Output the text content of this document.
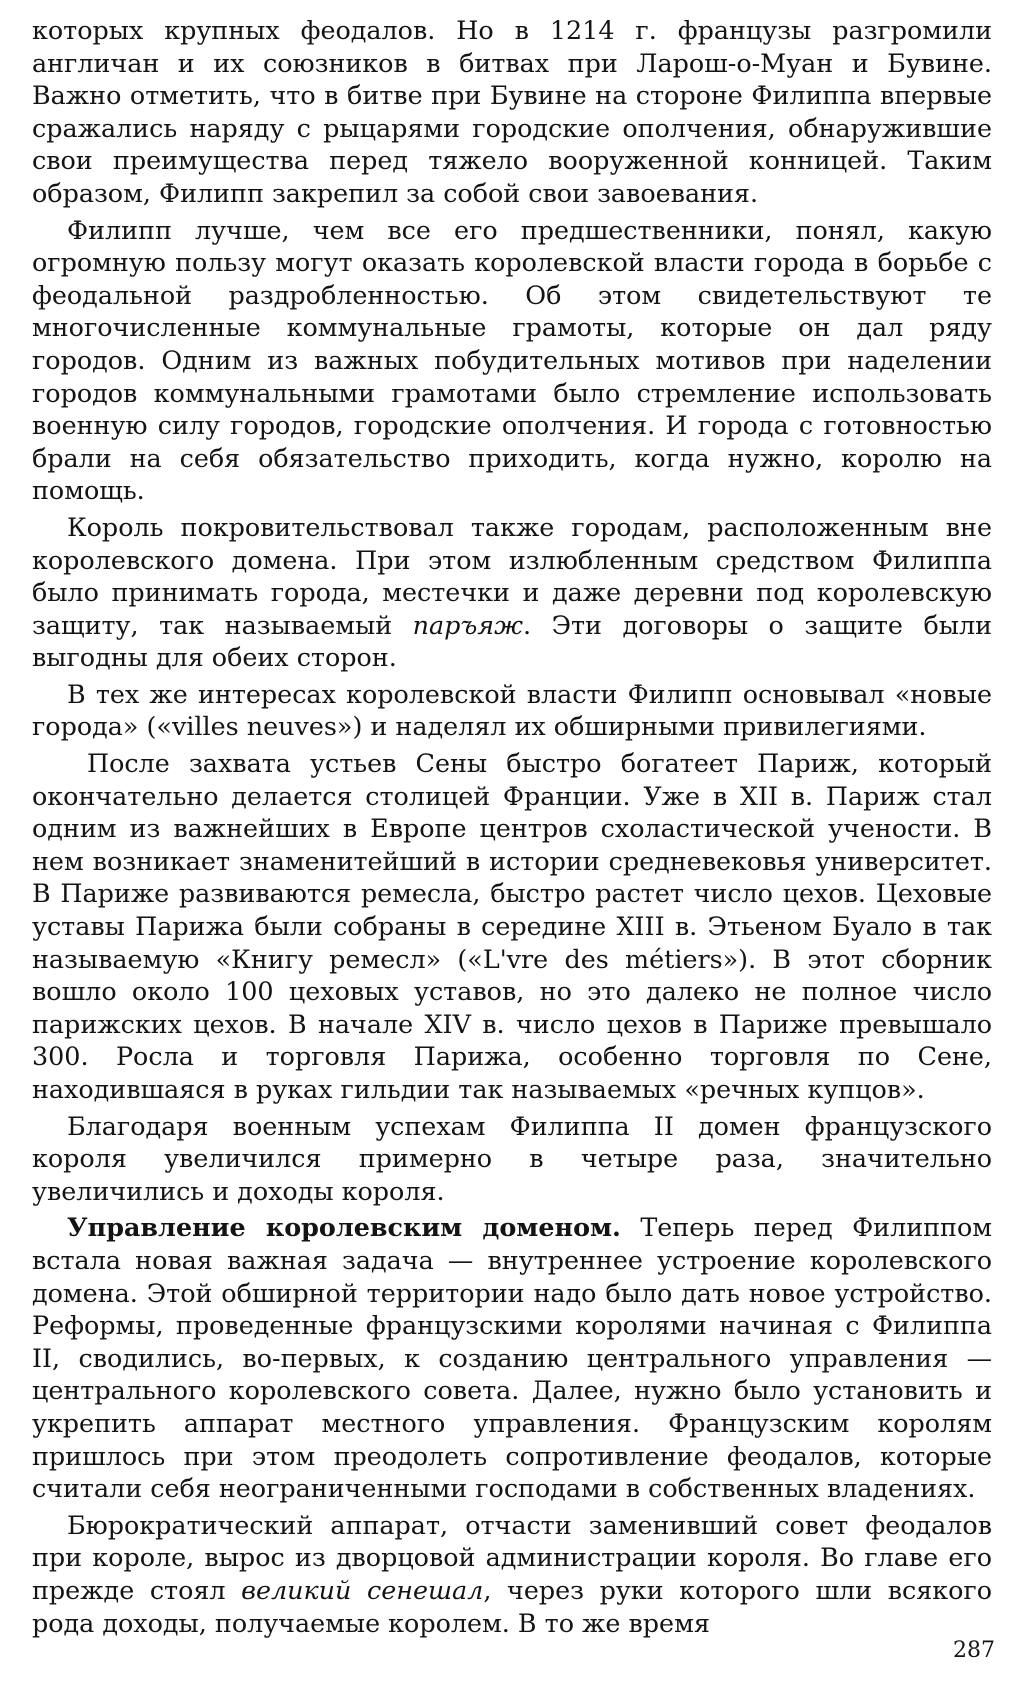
которых крупных феодалов. Но в 1214 г. французы разгромили англичан и их союзников в битвах при Ларош-о-Муан и Бувине. Важно отметить, что в битве при Бувине на стороне Филиппа впервые сражались наряду с рыцарями городские ополчения, обнаружившие свои преимущества перед тяжело вооруженной конницей. Таким образом, Филипп закрепил за собой свои завоевания.

Филипп лучше, чем все его предшественники, понял, какую огромную пользу могут оказать королевской власти города в борьбе с феодальной раздробленностью. Об этом свидетельствуют те многочисленные коммунальные грамоты, которые он дал ряду городов. Одним из важных побудительных мотивов при наделении городов коммунальными грамотами было стремление использовать военную силу городов, городские ополчения. И города с готовностью брали на себя обязательство приходить, когда нужно, королю на помощь.

Король покровительствовал также городам, расположенным вне королевского домена. При этом излюбленным средством Филиппа было принимать города, местечки и даже деревни под королевскую защиту, так называемый паръяж. Эти договоры о защите были выгодны для обеих сторон.

В тех же интересах королевской власти Филипп основывал «новые города» («villes neuves») и наделял их обширными привилегиями.

После захвата устьев Сены быстро богатеет Париж, который окончательно делается столицей Франции. Уже в XII в. Париж стал одним из важнейших в Европе центров схоластической учености. В нем возникает знаменитейший в истории средневековья университет. В Париже развиваются ремесла, быстро растет число цехов. Цеховые уставы Парижа были собраны в середине XIII в. Этьеном Буало в так называемую «Книгу ремесл» («L'vre des métiers»). В этот сборник вошло около 100 цеховых уставов, но это далеко не полное число парижских цехов. В начале XIV в. число цехов в Париже превышало 300. Росла и торговля Парижа, особенно торговля по Сене, находившаяся в руках гильдии так называемых «речных купцов».

Благодаря военным успехам Филиппа II домен французского короля увеличился примерно в четыре раза, значительно увеличились и доходы короля.

Управление королевским доменом. Теперь перед Филиппом встала новая важная задача — внутреннее устроение королевского домена. Этой обширной территории надо было дать новое устройство. Реформы, проведенные французскими королями начиная с Филиппа II, сводились, во-первых, к созданию центрального управления — центрального королевского совета. Далее, нужно было установить и укрепить аппарат местного управления. Французским королям пришлось при этом преодолеть сопротивление феодалов, которые считали себя неограниченными господами в собственных владениях.

Бюрократический аппарат, отчасти заменивший совет феодалов при короле, вырос из дворцовой администрации короля. Во главе его прежде стоял великий сенешал, через руки которого шли всякого рода доходы, получаемые королем. В то же время

287
